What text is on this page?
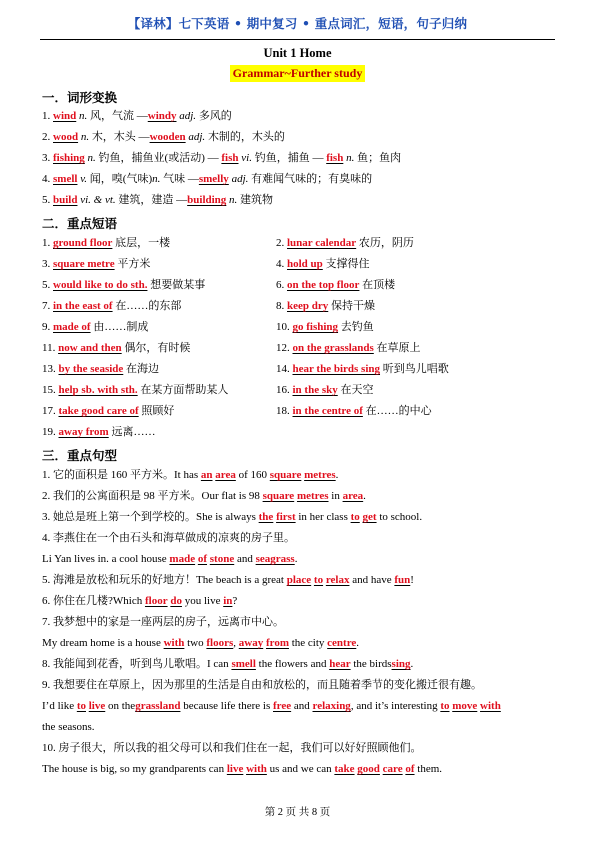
【译林】七下英语 • 期中复习 • 重点词汇，短语，句子归纳
Unit 1 Home
Grammar~Further study
一．词形变换
1. wind n. 风，气流 —windy adj. 多风的
2. wood n. 木，木头 —wooden adj. 木制的，木头的
3. fishing n. 钓鱼，捕鱼业(或活动) — fish vi. 钓鱼，捕鱼 — fish n. 鱼；鱼肉
4. smell v. 闻，嗅(气味)n. 气味 —smelly adj. 有难闻气味的；有臭味的
5. build vi. & vt. 建筑，建造 —building n. 建筑物
二．重点短语
1. ground floor 底层，一楼	2. lunar calendar 农历，阴历
3. square metre 平方米	4. hold up 支撑得住
5. would like to do sth. 想要做某事	6. on the top floor 在顶楼
7. in the east of 在……的东部	8. keep dry 保持干燥
9. made of 由……制成	10. go fishing 去钓鱼
11. now and then 偶尔，有时候	12. on the grasslands 在草原上
13. by the seaside 在海边	14. hear the birds sing 听到鸟儿唱歌
15. help sb. with sth. 在某方面帮助某人	16. in the sky 在天空
17. take good care of 照顾好	18. in the centre of 在……的中心
19. away from 远离……
三．重点句型
1. 它的面积是 160 平方米。It has an area of 160 square metres.
2. 我们的公寓面积是 98 平方米。Our flat is 98 square metres in area.
3. 她总是班上第一个到学校的。She is always the first in her class to get to school.
4. 李燕住在一个由石头和海草做成的凉爽的房子里。
Li Yan lives in. a cool house made of stone and seagrass.
5. 海滩是放松和玩乐的好地方！The beach is a great place to relax and have fun!
6. 你住在几楼?Which floor do you live in?
7. 我梦想中的家是一座两层的房子，远离市中心。
My dream home is a house with two floors, away from the city centre.
8. 我能闻到花香，听到鸟儿歌唱。I can smell the flowers and hear the birdssing.
9. 我想要住在草原上，因为那里的生活是自由和放松的，而且随着季节的变化搬迁很有趣。
I’d like to live on thegrassland because life there is free and relaxing, and it’s interesting to move with
the seasons.
10. 房子很大，所以我的祖父母可以和我们住在一起，我们可以好好照顾他们。
The house is big, so my grandparents can live with us and we can take good care of them.
第 2 页 共 8 页
